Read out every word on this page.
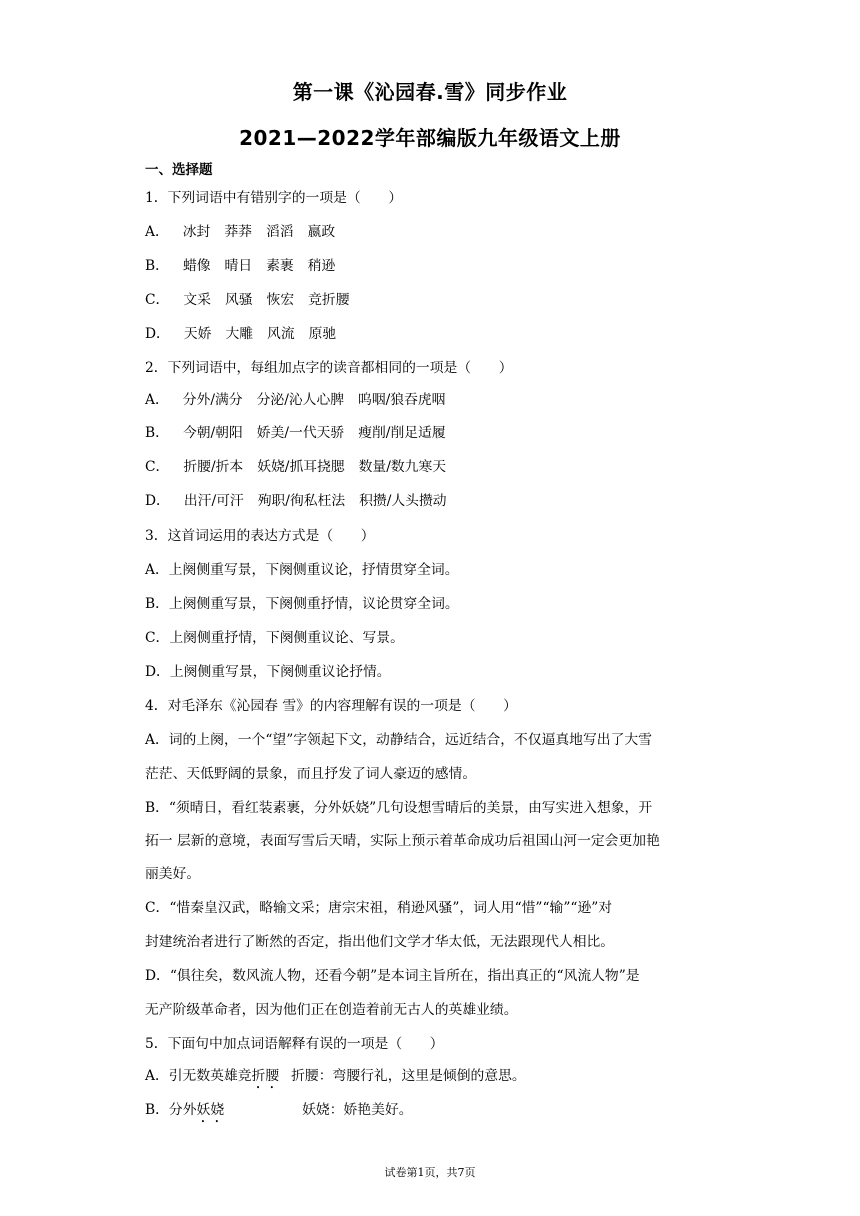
第一课《沁园春.雪》同步作业
2021—2022学年部编版九年级语文上册
一、选择题
1．下列词语中有错别字的一项是（　　）
A． 冰封 莽莽 滔滔 嬴政
B． 蜡像 晴日 素裹 稍逊
C． 文采 风骚 恢宏 竞折腰
D． 天娇 大雕 风流 原驰
2．下列词语中，每组加点字的读音都相同的一项是（　　）
A． 分外/满分 分泌/沁人心脾 呜咽/狼吞虎咽
B． 今朝/朝阳 娇美/一代天骄 瘦削/削足适履
C． 折腰/折本 妖娆/抓耳挠腮 数量/数九寒天
D． 出汗/可汗 殉职/徇私枉法 积攒/人头攒动
3．这首词运用的表达方式是（　　）
A．上阕侧重写景，下阕侧重议论，抒情贯穿全词。
B．上阕侧重写景，下阕侧重抒情，议论贯穿全词。
C．上阕侧重抒情，下阕侧重议论、写景。
D．上阕侧重写景，下阕侧重议论抒情。
4．对毛泽东《沁园春 雪》的内容理解有误的一项是（　　）
A．词的上阕，一个“望”字领起下文，动静结合，远近结合，不仅逼真地写出了大雪
茫茫、天低野阔的景象，而且抒发了词人豪迈的感情。
B．“须晴日，看红装素裹，分外妖娆”几句设想雪晴后的美景，由写实进入想象，开
拓一 层新的意境，表面写雪后天晴，实际上预示着革命成功后祖国山河一定会更加艳
丽美好。
C．“惜秦皇汉武，略输文采；唐宗宋祖，稍逊风骚”，词人用“惜”“输”“逊”对
封建统治者进行了断然的否定，指出他们文学才华太低，无法跟现代人相比。
D．“俱往矣，数风流人物，还看今朝”是本词主旨所在，指出真正的“风流人物”是
无产阶级革命者，因为他们正在创造着前无古人的英雄业绩。
5．下面句中加点词语解释有误的一项是（　　）
A．引无数英雄竞折腰 折腰：弯腰行礼，这里是倾倒的意思。
B．分外妖娆	妖娆：娇艳美好。
试卷第1页，共7页
